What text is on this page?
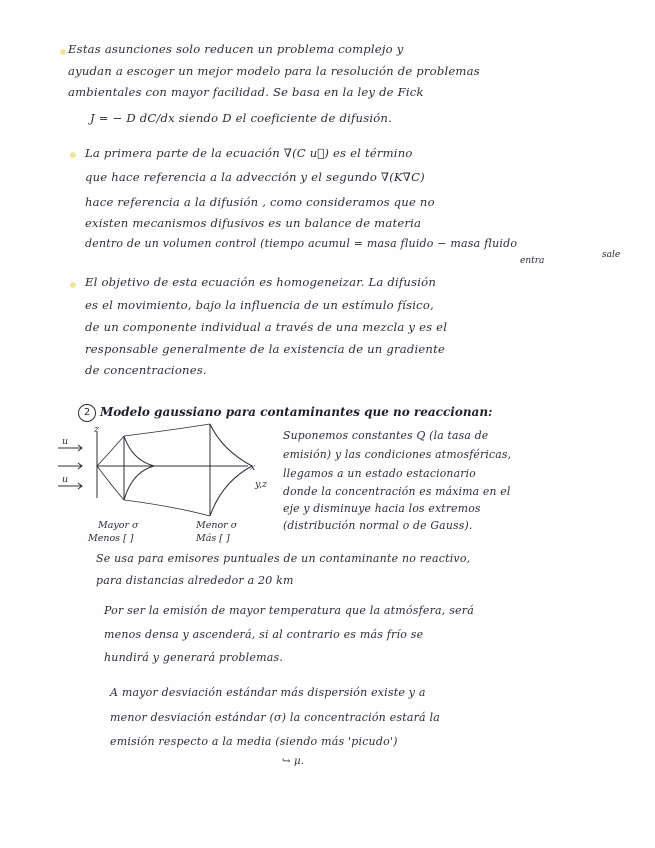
Estas asunciones solo reducen un problema complejo y
ayudan a escoger un mejor modelo para la resolución de problemas
ambientales con mayor facilidad. Se basa en la ley de Fick
J = − D dC/dx siendo D el coeficiente de difusión.
La primera parte de la ecuación ∇(C u⃗) es el término
que hace referencia a la advección y el segundo ∇(K∇C)
hace referencia a la difusión , como consideramos que no
existen mecanismos difusivos es un balance de materia
dentro de un volumen control (tiempo acumul = masa fluido − masa fluido
entra
sale
El objetivo de esta ecuación es homogeneizar. La difusión
es el movimiento, bajo la influencia de un estímulo físico,
de un componente individual a través de una mezcla y es el
responsable generalmente de la existencia de un gradiente
de concentraciones.
2 Modelo gaussiano para contaminantes que no reaccionan:
z
x
y,z
u
u
Mayor σ
Menos [ ]
Menor σ
Más [ ]
Suponemos constantes Q (la tasa de
emisión) y las condiciones atmosféricas,
llegamos a un estado estacionario
donde la concentración es máxima en el
eje y disminuye hacia los extremos
(distribución normal o de Gauss).
Se usa para emisores puntuales de un contaminante no reactivo,
para distancias alrededor a 20 km
Por ser la emisión de mayor temperatura que la atmósfera, será
menos densa y ascenderá, si al contrario es más frío se
hundirá y generará problemas.
A mayor desviación estándar más dispersión existe y a
menor desviación estándar (σ) la concentración estará la
emisión respecto a la media (siendo más 'picudo')
↪ μ.
